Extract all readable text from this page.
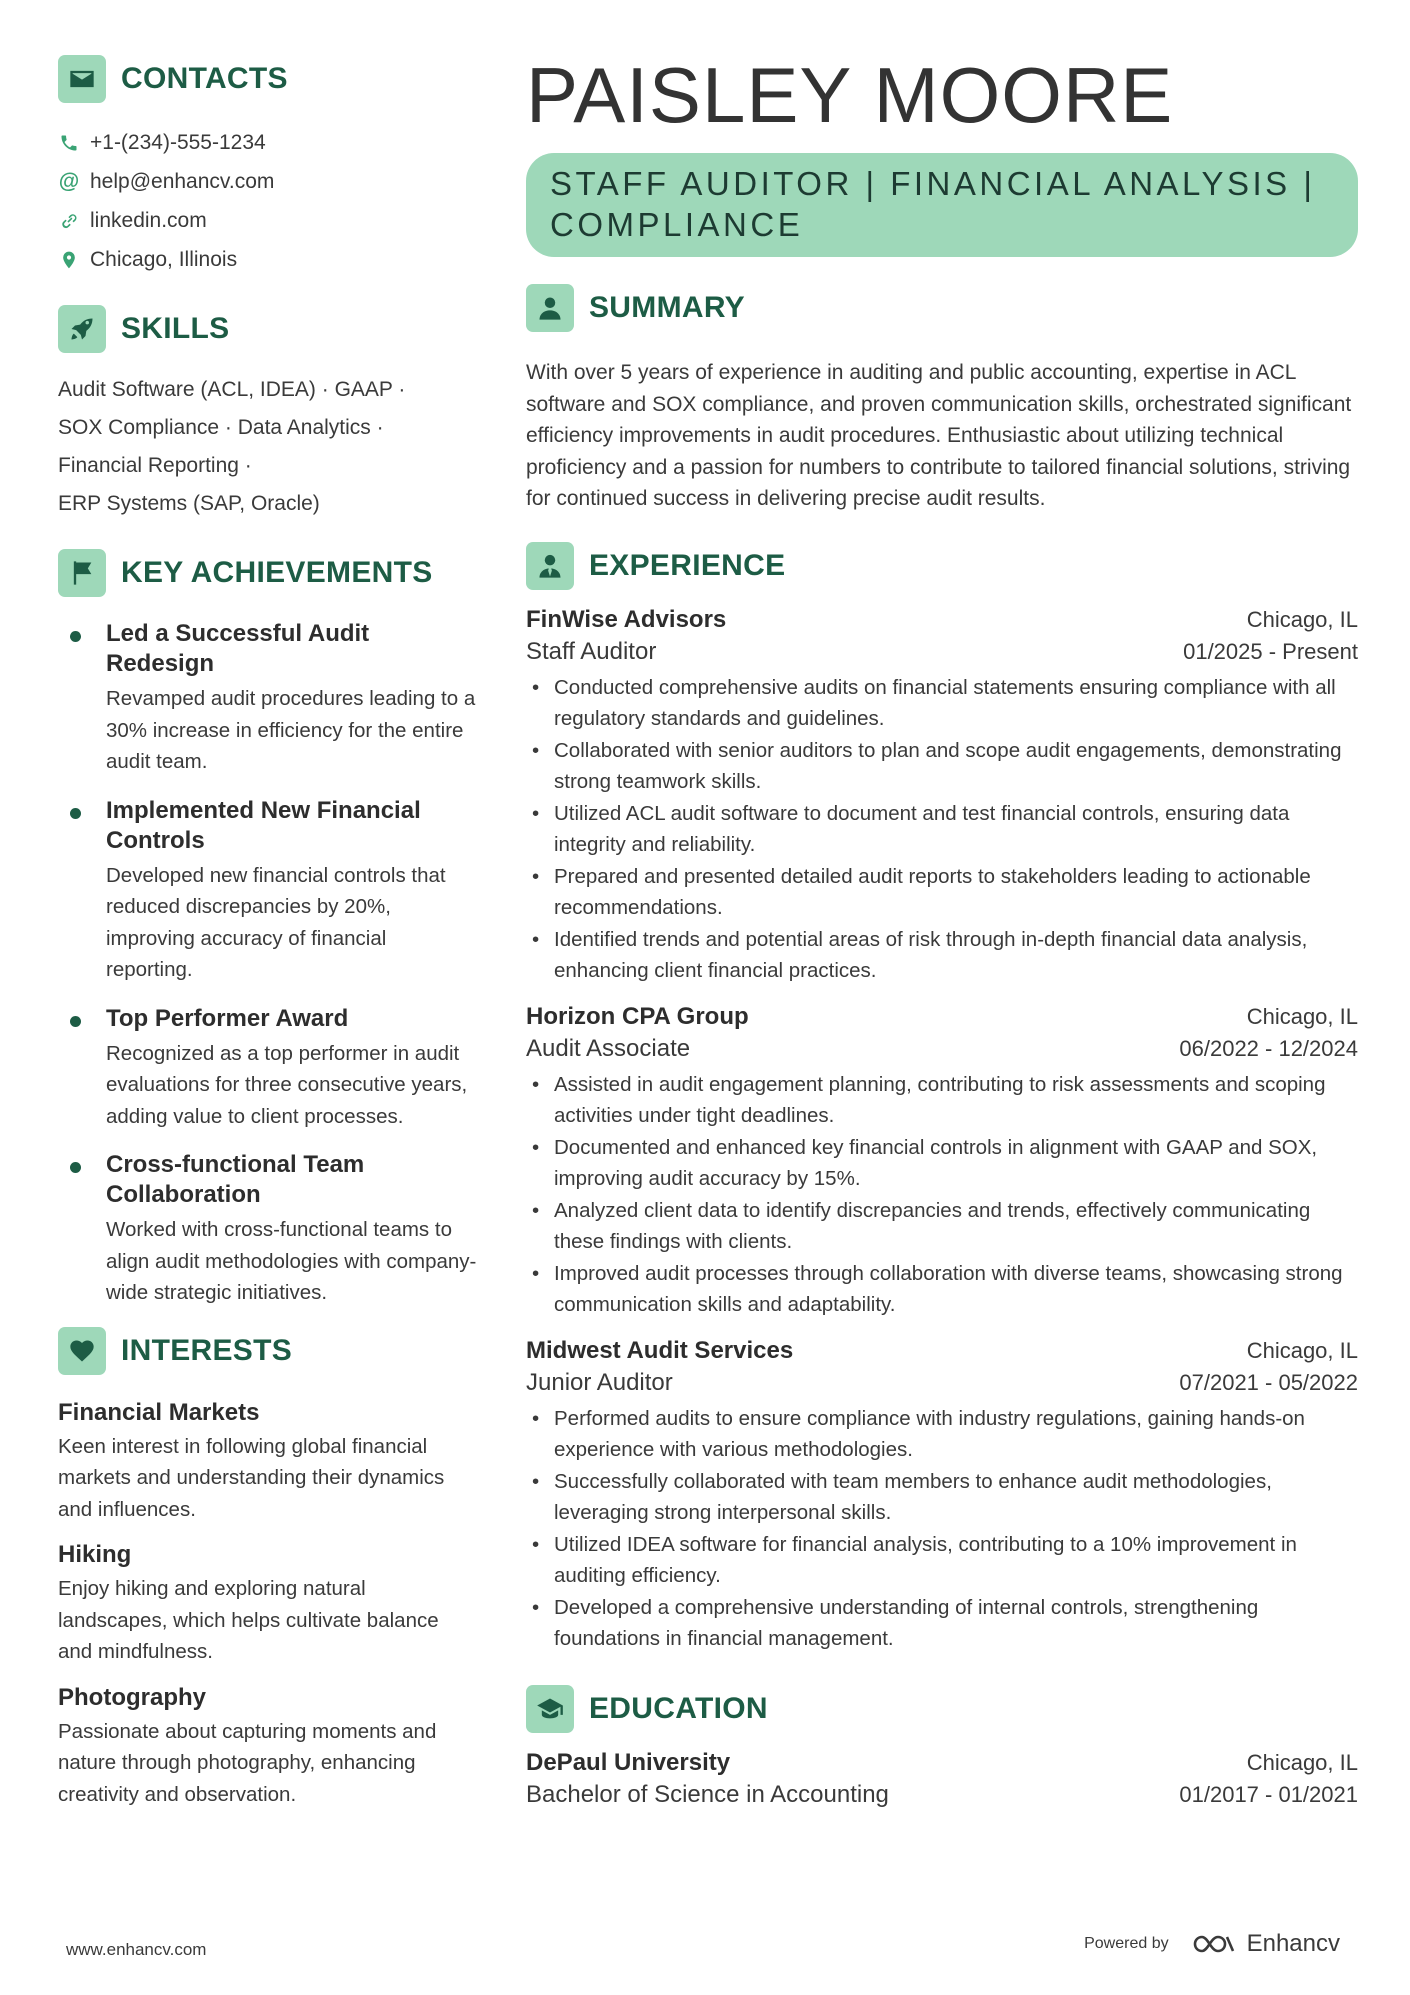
CONTACTS
+1-(234)-555-1234
@ help@enhancv.com
linkedin.com
Chicago, Illinois
SKILLS
Audit Software (ACL, IDEA) · GAAP ·
SOX Compliance · Data Analytics ·
Financial Reporting ·
ERP Systems (SAP, Oracle)
KEY ACHIEVEMENTS
Led a Successful Audit Redesign
Revamped audit procedures leading to a 30% increase in efficiency for the entire audit team.
Implemented New Financial Controls
Developed new financial controls that reduced discrepancies by 20%, improving accuracy of financial reporting.
Top Performer Award
Recognized as a top performer in audit evaluations for three consecutive years, adding value to client processes.
Cross-functional Team Collaboration
Worked with cross-functional teams to align audit methodologies with company-wide strategic initiatives.
INTERESTS
Financial Markets
Keen interest in following global financial markets and understanding their dynamics and influences.
Hiking
Enjoy hiking and exploring natural landscapes, which helps cultivate balance and mindfulness.
Photography
Passionate about capturing moments and nature through photography, enhancing creativity and observation.
PAISLEY MOORE
STAFF AUDITOR | FINANCIAL ANALYSIS | COMPLIANCE
SUMMARY
With over 5 years of experience in auditing and public accounting, expertise in ACL software and SOX compliance, and proven communication skills, orchestrated significant efficiency improvements in audit procedures. Enthusiastic about utilizing technical proficiency and a passion for numbers to contribute to tailored financial solutions, striving for continued success in delivering precise audit results.
EXPERIENCE
FinWise Advisors	Chicago, IL
Staff Auditor	01/2025 - Present
• Conducted comprehensive audits on financial statements ensuring compliance with all regulatory standards and guidelines.
• Collaborated with senior auditors to plan and scope audit engagements, demonstrating strong teamwork skills.
• Utilized ACL audit software to document and test financial controls, ensuring data integrity and reliability.
• Prepared and presented detailed audit reports to stakeholders leading to actionable recommendations.
• Identified trends and potential areas of risk through in-depth financial data analysis, enhancing client financial practices.
Horizon CPA Group	Chicago, IL
Audit Associate	06/2022 - 12/2024
• Assisted in audit engagement planning, contributing to risk assessments and scoping activities under tight deadlines.
• Documented and enhanced key financial controls in alignment with GAAP and SOX, improving audit accuracy by 15%.
• Analyzed client data to identify discrepancies and trends, effectively communicating these findings with clients.
• Improved audit processes through collaboration with diverse teams, showcasing strong communication skills and adaptability.
Midwest Audit Services	Chicago, IL
Junior Auditor	07/2021 - 05/2022
• Performed audits to ensure compliance with industry regulations, gaining hands-on experience with various methodologies.
• Successfully collaborated with team members to enhance audit methodologies, leveraging strong interpersonal skills.
• Utilized IDEA software for financial analysis, contributing to a 10% improvement in auditing efficiency.
• Developed a comprehensive understanding of internal controls, strengthening foundations in financial management.
EDUCATION
DePaul University	Chicago, IL
Bachelor of Science in Accounting	01/2017 - 01/2021
www.enhancv.com	Powered by	Enhancv
